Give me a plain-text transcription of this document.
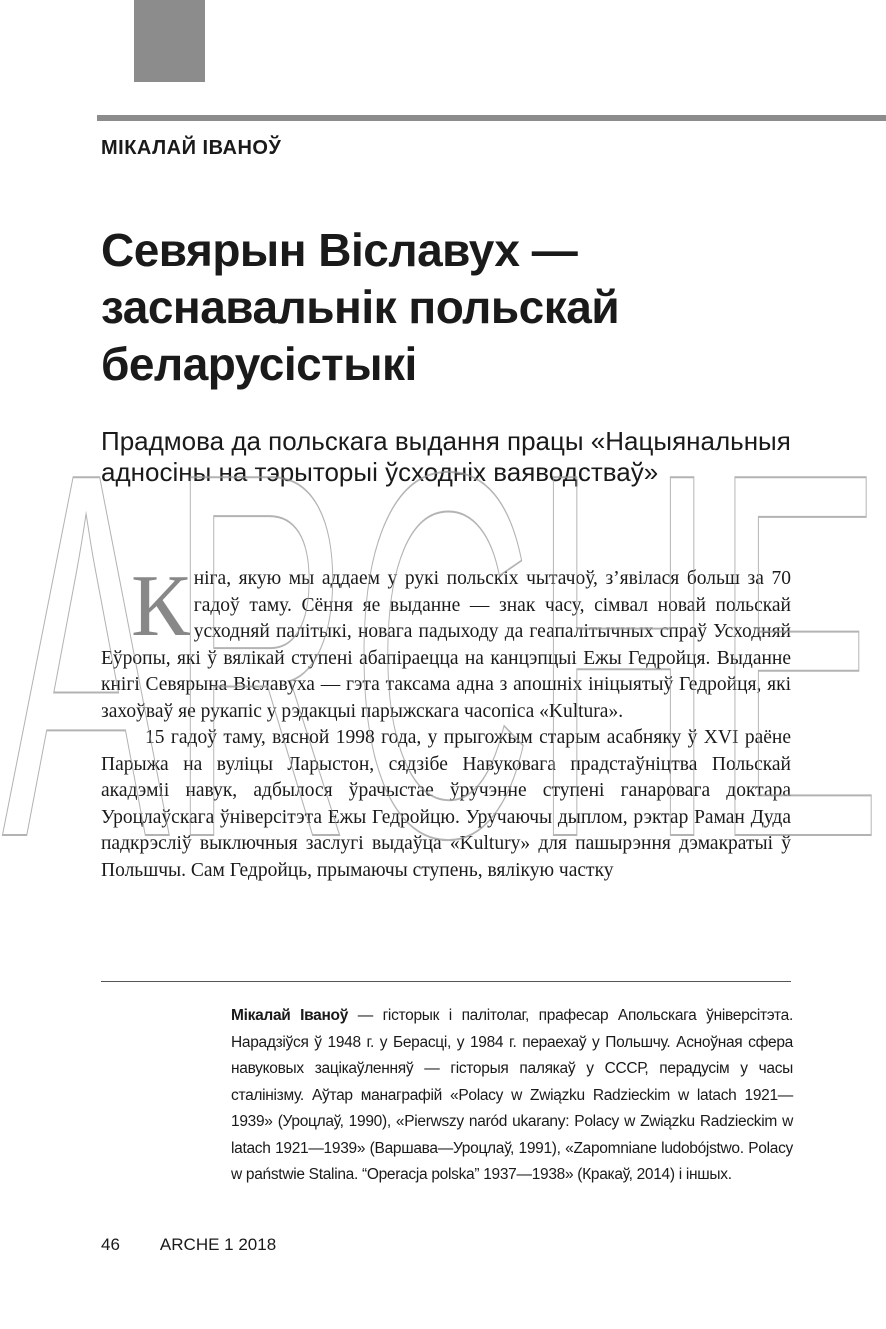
МІКАЛАЙ ІВАНОЎ
Севярын Віславух — заснавальнік польскай беларусістыкі

Прадмова да польскага выдання працы «Нацыянальныя адносіны на тэрыторыі ўсходніх ваяводстваў»

Кніга, якую мы аддаем у рукі польскіх чытачоў, з’явілася больш за 70 гадоў таму. Сёння яе выданне — знак часу, сімвал новай польскай усходняй палітыкі, новага падыходу да геапалітычных спраў Усходняй Еўропы, які ў вялікай ступені абапіраецца на канцэпцыі Ежы Гедройця. Выданне кнігі Севярына Віславуха — гэта таксама адна з апошніх ініцыятыў Гедройця, які захоўваў яе рукапіс у рэдакцыі парыжскага часопіса «Kultura».

15 гадоў таму, вясной 1998 года, у прыгожым старым асабняку ў XVI раёне Парыжа на вуліцы Ларыстон, сядзібе Навуковага прадстаўніцтва Польскай акадэміі навук, адбылося ўрачыстае ўручэнне ступені ганаровага доктара Уроцлаўскага ўніверсітэта Ежы Гедройцю. Уручаючы дыплом, рэктар Раман Дуда падкрэсліў выключныя заслугі выдаўца «Kultury» для пашырэння дэмакратыі ў Польшчы. Сам Гедройць, прымаючы ступень, вялікую частку

ARCHE

Мікалай Іваноў — гісторык і палітолаг, прафесар Апольскага ўніверсітэта. Нарадзіўся ў 1948 г. у Берасці, у 1984 г. пераехаў у Польшчу. Асноўная сфера навуковых зацікаўленняў — гісторыя палякаў у СССР, перадусім у часы сталінізму. Аўтар манаграфій «Polacy w Związku Radzieckim w latach 1921—1939» (Уроцлаў, 1990), «Pierwszy naród ukarany: Polacy w Związku Radzieckim w latach 1921—1939» (Варшава—Уроцлаў, 1991), «Zapomniane ludobójstwo. Polacy w państwie Stalina. “Operacja polska” 1937—1938» (Кракаў, 2014) і іншых.

46 ARCHE 1 2018
